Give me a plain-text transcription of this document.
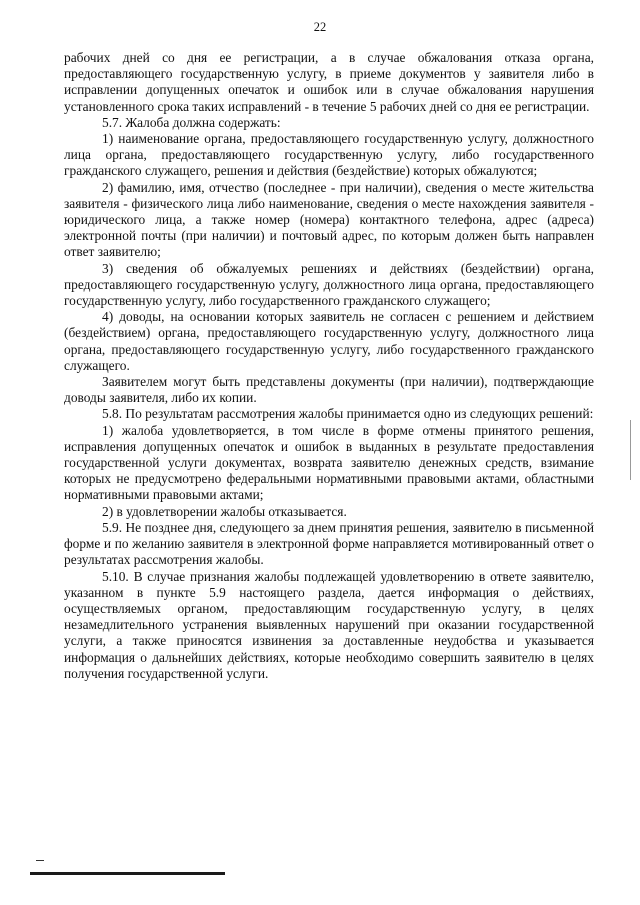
22

рабочих дней со дня ее регистрации, а в случае обжалования отказа органа, предоставляющего государственную услугу, в приеме документов у заявителя либо в исправлении допущенных опечаток и ошибок или в случае обжалования нарушения установленного срока таких исправлений - в течение 5 рабочих дней со дня ее регистрации.

5.7. Жалоба должна содержать:

1) наименование органа, предоставляющего государственную услугу, должностного лица органа, предоставляющего государственную услугу, либо государственного гражданского служащего, решения и действия (бездействие) которых обжалуются;

2) фамилию, имя, отчество (последнее - при наличии), сведения о месте жительства заявителя - физического лица либо наименование, сведения о месте нахождения заявителя - юридического лица, а также номер (номера) контактного телефона, адрес (адреса) электронной почты (при наличии) и почтовый адрес, по которым должен быть направлен ответ заявителю;

3) сведения об обжалуемых решениях и действиях (бездействии) органа, предоставляющего государственную услугу, должностного лица органа, предоставляющего государственную услугу, либо государственного гражданского служащего;

4) доводы, на основании которых заявитель не согласен с решением и действием (бездействием) органа, предоставляющего государственную услугу, должностного лица органа, предоставляющего государственную услугу, либо государственного гражданского служащего.

Заявителем могут быть представлены документы (при наличии), подтверждающие доводы заявителя, либо их копии.

5.8. По результатам рассмотрения жалобы принимается одно из следующих решений:

1) жалоба удовлетворяется, в том числе в форме отмены принятого решения, исправления допущенных опечаток и ошибок в выданных в результате предоставления государственной услуги документах, возврата заявителю денежных средств, взимание которых не предусмотрено федеральными нормативными правовыми актами, областными нормативными правовыми актами;

2) в удовлетворении жалобы отказывается.

5.9. Не позднее дня, следующего за днем принятия решения, заявителю в письменной форме и по желанию заявителя в электронной форме направляется мотивированный ответ о результатах рассмотрения жалобы.

5.10. В случае признания жалобы подлежащей удовлетворению в ответе заявителю, указанном в пункте 5.9 настоящего раздела, дается информация о действиях, осуществляемых органом, предоставляющим государственную услугу, в целях незамедлительного устранения выявленных нарушений при оказании государственной услуги, а также приносятся извинения за доставленные неудобства и указывается информация о дальнейших действиях, которые необходимо совершить заявителю в целях получения государственной услуги.
